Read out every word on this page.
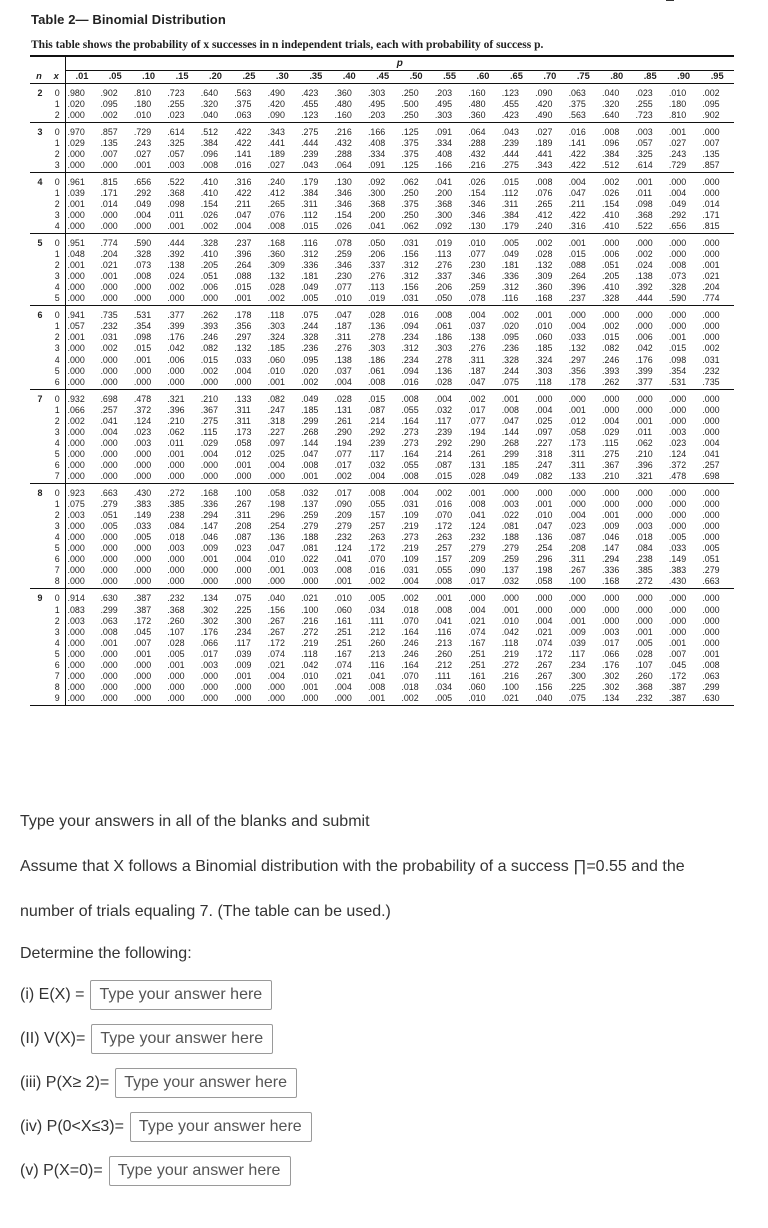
Table 2— Binomial Distribution
This table shows the probability of x successes in n independent trials, each with probability of success p.
		p																			
n	x	.01	.05	.10	.15	.20	.25	.30	.35	.40	.45	.50	.55	.60	.65	.70	.75	.80	.85	.90	.95
2	0	.980	.902	.810	.723	.640	.563	.490	.423	.360	.303	.250	.203	.160	.123	.090	.063	.040	.023	.010	.002
	1	.020	.095	.180	.255	.320	.375	.420	.455	.480	.495	.500	.495	.480	.455	.420	.375	.320	.255	.180	.095
	2	.000	.002	.010	.023	.040	.063	.090	.123	.160	.203	.250	.303	.360	.423	.490	.563	.640	.723	.810	.902
3	0	.970	.857	.729	.614	.512	.422	.343	.275	.216	.166	.125	.091	.064	.043	.027	.016	.008	.003	.001	.000
	1	.029	.135	.243	.325	.384	.422	.441	.444	.432	.408	.375	.334	.288	.239	.189	.141	.096	.057	.027	.007
	2	.000	.007	.027	.057	.096	.141	.189	.239	.288	.334	.375	.408	.432	.444	.441	.422	.384	.325	.243	.135
	3	.000	.000	.001	.003	.008	.016	.027	.043	.064	.091	.125	.166	.216	.275	.343	.422	.512	.614	.729	.857
4	0	.961	.815	.656	.522	.410	.316	.240	.179	.130	.092	.062	.041	.026	.015	.008	.004	.002	.001	.000	.000
	1	.039	.171	.292	.368	.410	.422	.412	.384	.346	.300	.250	.200	.154	.112	.076	.047	.026	.011	.004	.000
	2	.001	.014	.049	.098	.154	.211	.265	.311	.346	.368	.375	.368	.346	.311	.265	.211	.154	.098	.049	.014
	3	.000	.000	.004	.011	.026	.047	.076	.112	.154	.200	.250	.300	.346	.384	.412	.422	.410	.368	.292	.171
	4	.000	.000	.000	.001	.002	.004	.008	.015	.026	.041	.062	.092	.130	.179	.240	.316	.410	.522	.656	.815
5	0	.951	.774	.590	.444	.328	.237	.168	.116	.078	.050	.031	.019	.010	.005	.002	.001	.000	.000	.000	.000
	1	.048	.204	.328	.392	.410	.396	.360	.312	.259	.206	.156	.113	.077	.049	.028	.015	.006	.002	.000	.000
	2	.001	.021	.073	.138	.205	.264	.309	.336	.346	.337	.312	.276	.230	.181	.132	.088	.051	.024	.008	.001
	3	.000	.001	.008	.024	.051	.088	.132	.181	.230	.276	.312	.337	.346	.336	.309	.264	.205	.138	.073	.021
	4	.000	.000	.000	.002	.006	.015	.028	.049	.077	.113	.156	.206	.259	.312	.360	.396	.410	.392	.328	.204
	5	.000	.000	.000	.000	.000	.001	.002	.005	.010	.019	.031	.050	.078	.116	.168	.237	.328	.444	.590	.774
6	0	.941	.735	.531	.377	.262	.178	.118	.075	.047	.028	.016	.008	.004	.002	.001	.000	.000	.000	.000	.000
	1	.057	.232	.354	.399	.393	.356	.303	.244	.187	.136	.094	.061	.037	.020	.010	.004	.002	.000	.000	.000
	2	.001	.031	.098	.176	.246	.297	.324	.328	.311	.278	.234	.186	.138	.095	.060	.033	.015	.006	.001	.000
	3	.000	.002	.015	.042	.082	.132	.185	.236	.276	.303	.312	.303	.276	.236	.185	.132	.082	.042	.015	.002
	4	.000	.000	.001	.006	.015	.033	.060	.095	.138	.186	.234	.278	.311	.328	.324	.297	.246	.176	.098	.031
	5	.000	.000	.000	.000	.002	.004	.010	.020	.037	.061	.094	.136	.187	.244	.303	.356	.393	.399	.354	.232
	6	.000	.000	.000	.000	.000	.000	.001	.002	.004	.008	.016	.028	.047	.075	.118	.178	.262	.377	.531	.735
7	0	.932	.698	.478	.321	.210	.133	.082	.049	.028	.015	.008	.004	.002	.001	.000	.000	.000	.000	.000	.000
	1	.066	.257	.372	.396	.367	.311	.247	.185	.131	.087	.055	.032	.017	.008	.004	.001	.000	.000	.000	.000
	2	.002	.041	.124	.210	.275	.311	.318	.299	.261	.214	.164	.117	.077	.047	.025	.012	.004	.001	.000	.000
	3	.000	.004	.023	.062	.115	.173	.227	.268	.290	.292	.273	.239	.194	.144	.097	.058	.029	.011	.003	.000
	4	.000	.000	.003	.011	.029	.058	.097	.144	.194	.239	.273	.292	.290	.268	.227	.173	.115	.062	.023	.004
	5	.000	.000	.000	.001	.004	.012	.025	.047	.077	.117	.164	.214	.261	.299	.318	.311	.275	.210	.124	.041
	6	.000	.000	.000	.000	.000	.001	.004	.008	.017	.032	.055	.087	.131	.185	.247	.311	.367	.396	.372	.257
	7	.000	.000	.000	.000	.000	.000	.000	.001	.002	.004	.008	.015	.028	.049	.082	.133	.210	.321	.478	.698
8	0	.923	.663	.430	.272	.168	.100	.058	.032	.017	.008	.004	.002	.001	.000	.000	.000	.000	.000	.000	.000
	1	.075	.279	.383	.385	.336	.267	.198	.137	.090	.055	.031	.016	.008	.003	.001	.000	.000	.000	.000	.000
	2	.003	.051	.149	.238	.294	.311	.296	.259	.209	.157	.109	.070	.041	.022	.010	.004	.001	.000	.000	.000
	3	.000	.005	.033	.084	.147	.208	.254	.279	.279	.257	.219	.172	.124	.081	.047	.023	.009	.003	.000	.000
	4	.000	.000	.005	.018	.046	.087	.136	.188	.232	.263	.273	.263	.232	.188	.136	.087	.046	.018	.005	.000
	5	.000	.000	.000	.003	.009	.023	.047	.081	.124	.172	.219	.257	.279	.279	.254	.208	.147	.084	.033	.005
	6	.000	.000	.000	.000	.001	.004	.010	.022	.041	.070	.109	.157	.209	.259	.296	.311	.294	.238	.149	.051
	7	.000	.000	.000	.000	.000	.000	.001	.003	.008	.016	.031	.055	.090	.137	.198	.267	.336	.385	.383	.279
	8	.000	.000	.000	.000	.000	.000	.000	.000	.001	.002	.004	.008	.017	.032	.058	.100	.168	.272	.430	.663
9	0	.914	.630	.387	.232	.134	.075	.040	.021	.010	.005	.002	.001	.000	.000	.000	.000	.000	.000	.000	.000
	1	.083	.299	.387	.368	.302	.225	.156	.100	.060	.034	.018	.008	.004	.001	.000	.000	.000	.000	.000	.000
	2	.003	.063	.172	.260	.302	.300	.267	.216	.161	.111	.070	.041	.021	.010	.004	.001	.000	.000	.000	.000
	3	.000	.008	.045	.107	.176	.234	.267	.272	.251	.212	.164	.116	.074	.042	.021	.009	.003	.001	.000	.000
	4	.000	.001	.007	.028	.066	.117	.172	.219	.251	.260	.246	.213	.167	.118	.074	.039	.017	.005	.001	.000
	5	.000	.000	.001	.005	.017	.039	.074	.118	.167	.213	.246	.260	.251	.219	.172	.117	.066	.028	.007	.001
	6	.000	.000	.000	.001	.003	.009	.021	.042	.074	.116	.164	.212	.251	.272	.267	.234	.176	.107	.045	.008
	7	.000	.000	.000	.000	.000	.001	.004	.010	.021	.041	.070	.111	.161	.216	.267	.300	.302	.260	.172	.063
	8	.000	.000	.000	.000	.000	.000	.000	.001	.004	.008	.018	.034	.060	.100	.156	.225	.302	.368	.387	.299
	9	.000	.000	.000	.000	.000	.000	.000	.000	.000	.001	.002	.005	.010	.021	.040	.075	.134	.232	.387	.630
Type your answers in all of the blanks and submit
Assume that X follows a Binomial distribution with the probability of a success ∏=0.55 and the
number of trials equaling 7. (The table can be used.)
Determine the following:
(i) E(X) =
Type your answer here
(II) V(X)=
Type your answer here
(iii) P(X≥ 2)=
Type your answer here
(iv) P(0<X≤3)=
Type your answer here
(v) P(X=0)=
Type your answer here
